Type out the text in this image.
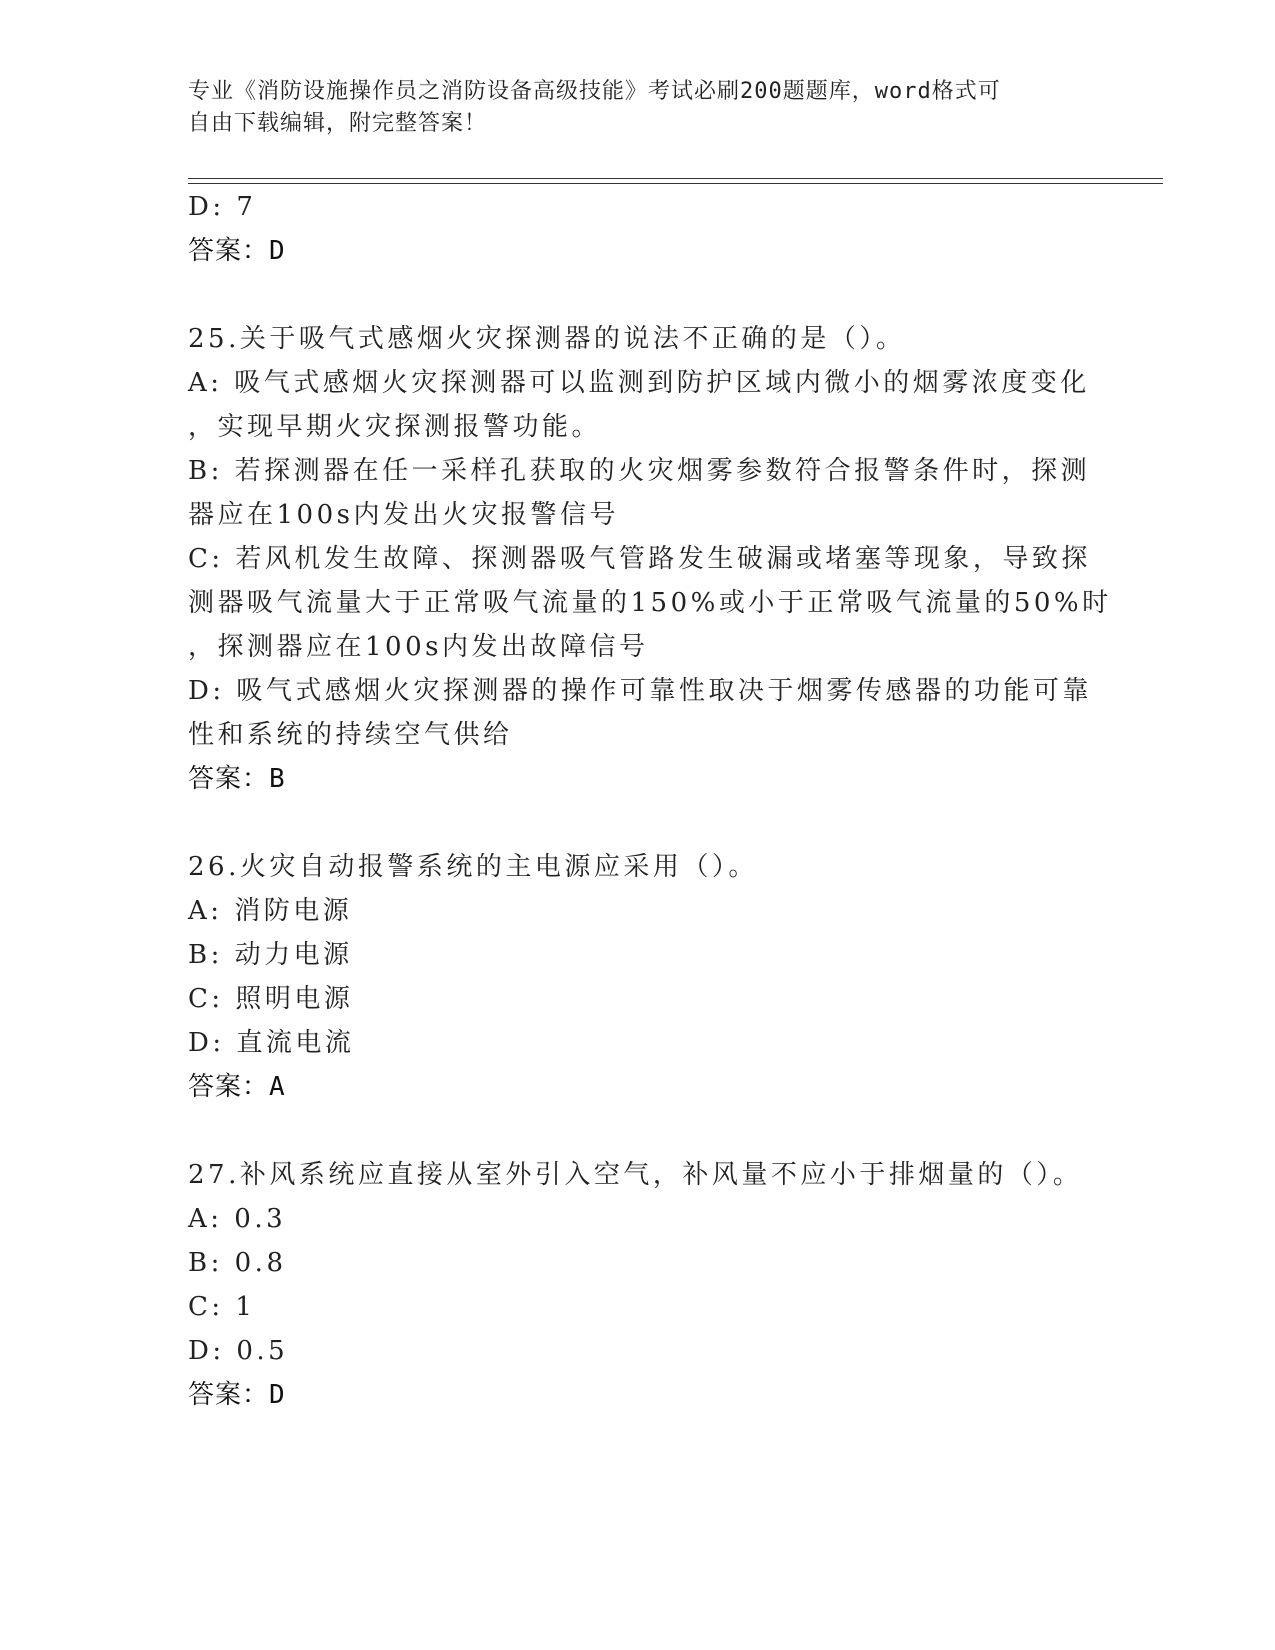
专业《消防设施操作员之消防设备高级技能》考试必刷200题题库，word格式可
自由下载编辑，附完整答案！
D: 7
答案：D
25.关于吸气式感烟火灾探测器的说法不正确的是（）。
A: 吸气式感烟火灾探测器可以监测到防护区域内微小的烟雾浓度变化
，实现早期火灾探测报警功能。
B: 若探测器在任一采样孔获取的火灾烟雾参数符合报警条件时，探测
器应在100s内发出火灾报警信号
C: 若风机发生故障、探测器吸气管路发生破漏或堵塞等现象，导致探
测器吸气流量大于正常吸气流量的150%或小于正常吸气流量的50%时
，探测器应在100s内发出故障信号
D: 吸气式感烟火灾探测器的操作可靠性取决于烟雾传感器的功能可靠
性和系统的持续空气供给
答案：B
26.火灾自动报警系统的主电源应采用（）。
A: 消防电源
B: 动力电源
C: 照明电源
D: 直流电流
答案：A
27.补风系统应直接从室外引入空气，补风量不应小于排烟量的（）。
A: 0.3
B: 0.8
C: 1
D: 0.5
答案：D
